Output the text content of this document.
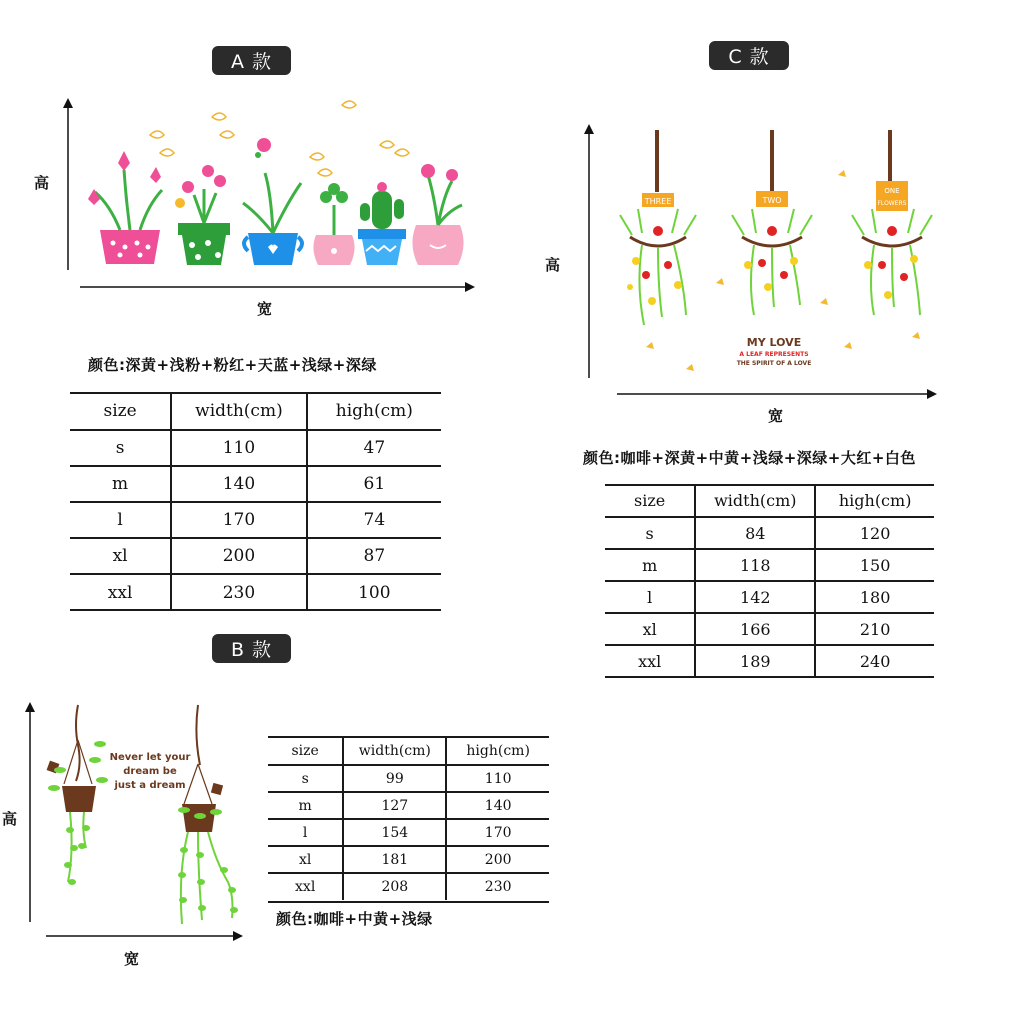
A 款
高
宽
颜色:深黄+浅粉+粉红+天蓝+浅绿+深绿
size	width(cm)	high(cm)
s	110	47
m	140	61
l	170	74
xl	200	87
xxl	230	100
B 款
高
宽
Never let your
dream be
just a dream
size	width(cm)	high(cm)
s	99	110
m	127	140
l	154	170
xl	181	200
xxl	208	230
颜色:咖啡+中黄+浅绿
C 款
高
宽
THREE	TWO
MY LOVE
A LEAF REPRESENTS
THE SPIRIT OF A LOVE
ONE
FLOWERS
颜色:咖啡+深黄+中黄+浅绿+深绿+大红+白色
size	width(cm)	high(cm)
s	84	120
m	118	150
l	142	180
xl	166	210
xxl	189	240
